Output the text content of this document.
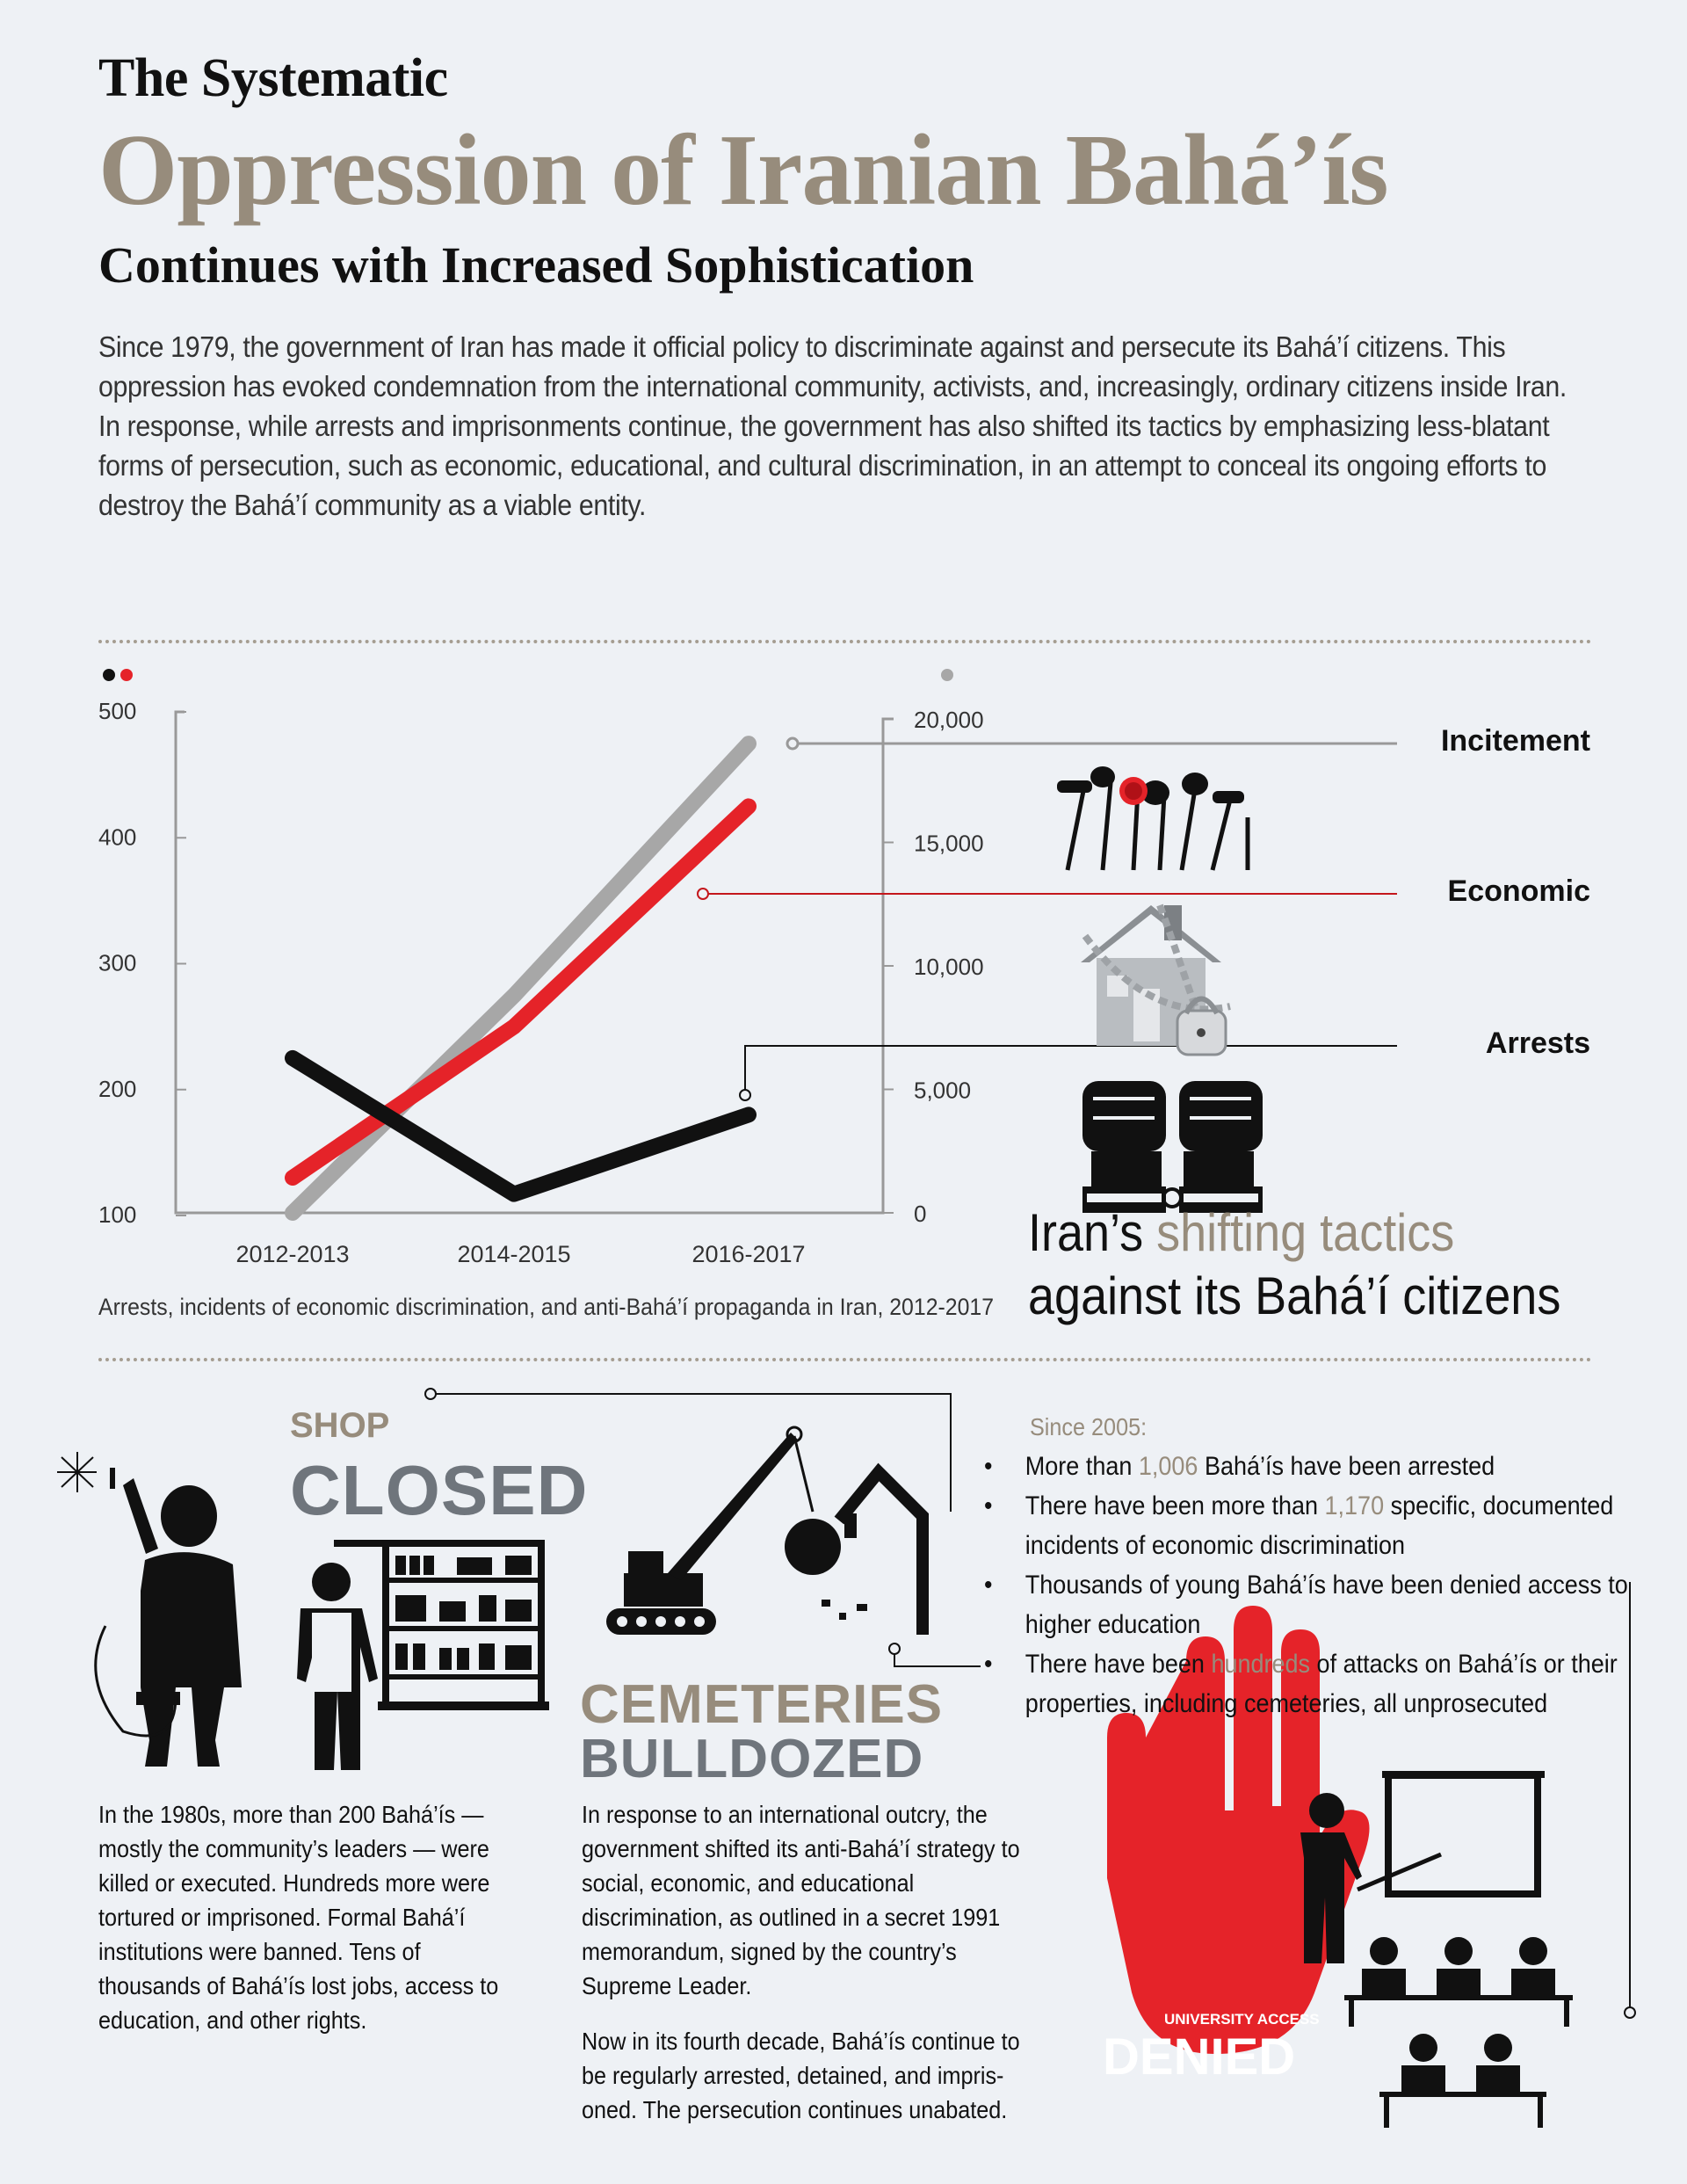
The Systematic
Oppression of Iranian Bahá’ís
Continues with Increased Sophistication
Since 1979, the government of Iran has made it official policy to discriminate against and persecute its Bahá’í citizens. This oppression has evoked condemnation from the international community, activists, and, increasingly, ordinary citizens inside Iran. In response, while arrests and imprisonments continue, the government has also shifted its tactics by emphasizing less-blatant forms of persecution, such as economic, educational, and cultural discrimination, in an attempt to conceal its ongoing efforts to destroy the Bahá’í community as a viable entity.
500
400
300
200
100
20,000
15,000
10,000
5,000
0
2012-2013	2014-2015	2016-2017
Incitement
Economic
Arrests
Arrests, incidents of economic discrimination, and anti-Bahá’í propaganda in Iran, 2012-2017
Iran’s shifting tactics
against its Bahá’í citizens
UNIVERSITY ACCESS
DENIED
SHOP
CLOSED
CEMETERIES
BULLDOZED
In the 1980s, more than 200 Bahá’ís — mostly the community’s leaders — were killed or executed. Hundreds more were tortured or imprisoned. Formal Bahá’í institutions were banned. Tens of thousands of Bahá’ís lost jobs, access to education, and other rights.
In response to an international outcry, the government shifted its anti-Bahá’í strategy to social, economic, and educational discrimination, as outlined in a secret 1991 memorandum, signed by the country’s Supreme Leader.
Now in its fourth decade, Bahá’ís continue to be regularly arrested, detained, and impris-oned. The persecution continues unabated.
Since 2005:
• More than 1,006 Bahá’ís have been arrested
• There have been more than 1,170 specific, documented incidents of economic discrimination
• Thousands of young Bahá’ís have been denied access to higher education
• There have been hundreds of attacks on Bahá’ís or their properties, including cemeteries, all unprosecuted
